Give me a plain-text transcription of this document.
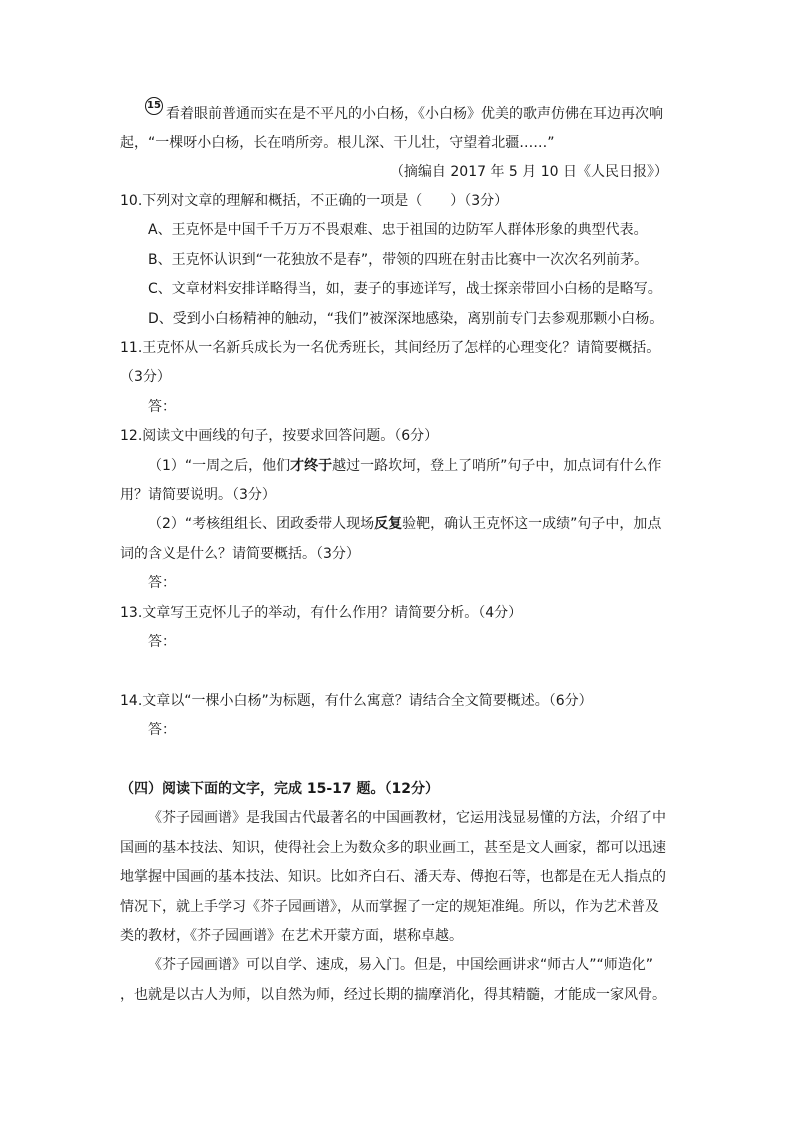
15
看着眼前普通而实在是不平凡的小白杨，《小白杨》优美的歌声仿佛在耳边再次响
起，“一棵呀小白杨，长在哨所旁。根儿深、干儿壮，守望着北疆……”
（摘编自 2017 年 5 月 10 日《人民日报》）
10.下列对文章的理解和概括，不正确的一项是（　　）（3分）
A、王克怀是中国千千万万不畏艰难、忠于祖国的边防军人群体形象的典型代表。
B、王克怀认识到“一花独放不是春”，带领的四班在射击比赛中一次次名列前茅。
C、文章材料安排详略得当，如，妻子的事迹详写，战士探亲带回小白杨的是略写。
D、受到小白杨精神的触动，“我们”被深深地感染，离别前专门去参观那颗小白杨。
11.王克怀从一名新兵成长为一名优秀班长，其间经历了怎样的心理变化？请简要概括。
（3分）
答：
12.阅读文中画线的句子，按要求回答问题。（6分）
（1）“一周之后，他们才终于越过一路坎坷，登上了哨所”句子中，加点词有什么作
用？请简要说明。（3分）
（2）“考核组组长、团政委带人现场反复验靶，确认王克怀这一成绩”句子中，加点
词的含义是什么？请简要概括。（3分）
答：
13.文章写王克怀儿子的举动，有什么作用？请简要分析。（4分）
答：
14.文章以“一棵小白杨”为标题，有什么寓意？请结合全文简要概述。（6分）
答：
（四）阅读下面的文字，完成 15-17 题。（12分）
《芥子园画谱》是我国古代最著名的中国画教材，它运用浅显易懂的方法，介绍了中
国画的基本技法、知识，使得社会上为数众多的职业画工，甚至是文人画家，都可以迅速
地掌握中国画的基本技法、知识。比如齐白石、潘天寿、傅抱石等，也都是在无人指点的
情况下，就上手学习《芥子园画谱》，从而掌握了一定的规矩准绳。所以，作为艺术普及
类的教材，《芥子园画谱》在艺术开蒙方面，堪称卓越。
《芥子园画谱》可以自学、速成，易入门。但是，中国绘画讲求“师古人”“师造化”
，也就是以古人为师，以自然为师，经过长期的揣摩消化，得其精髓，才能成一家风骨。
